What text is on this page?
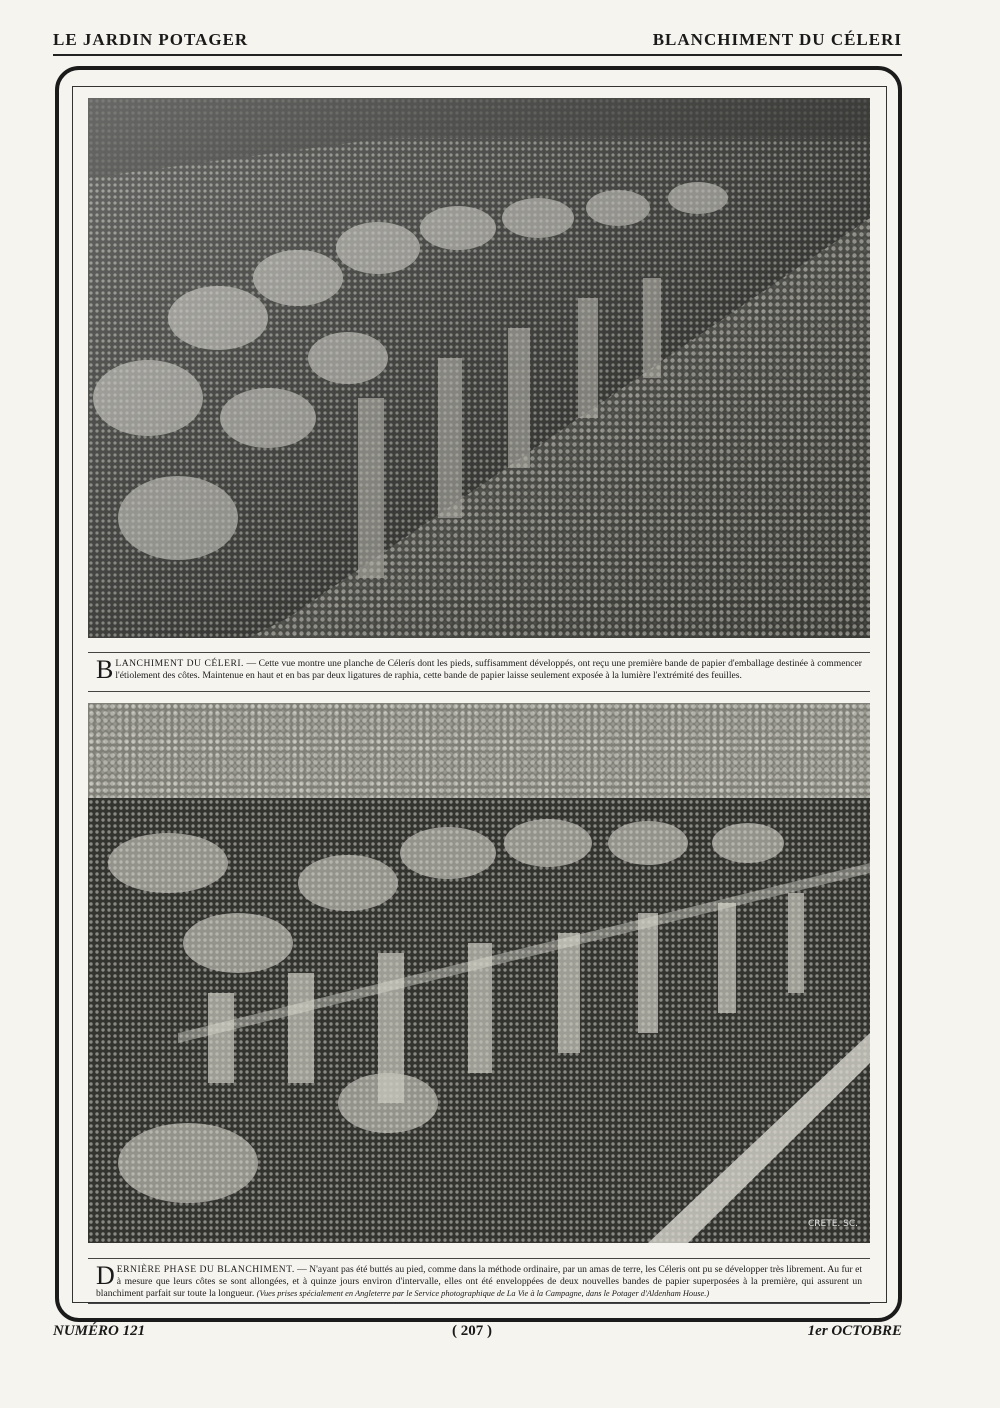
LE JARDIN POTAGER	BLANCHIMENT DU CÉLERI
BLANCHIMENT DU CÉLERI. — Cette vue montre une planche de Célerís dont les pieds, suffisamment développés, ont reçu une première bande de papier d'emballage destinée à commencer l'étiolement des côtes. Maintenue en haut et en bas par deux ligatures de raphia, cette bande de papier laisse seulement exposée à la lumière l'extrémité des feuilles.
CRETE. SC.
DERNIÈRE PHASE DU BLANCHIMENT. — N'ayant pas été buttés au pied, comme dans la méthode ordinaire, par un amas de terre, les Céleris ont pu se développer très librement. Au fur et à mesure que leurs côtes se sont allongées, et à quinze jours environ d'intervalle, elles ont été enveloppées de deux nouvelles bandes de papier superposées à la première, qui assurent un blanchiment parfait sur toute la longueur. (Vues prises spécialement en Angleterre par le Service photographique de La Vie à la Campagne, dans le Potager d'Aldenham House.)
NUMÉRO 121	( 207 )	1er OCTOBRE
